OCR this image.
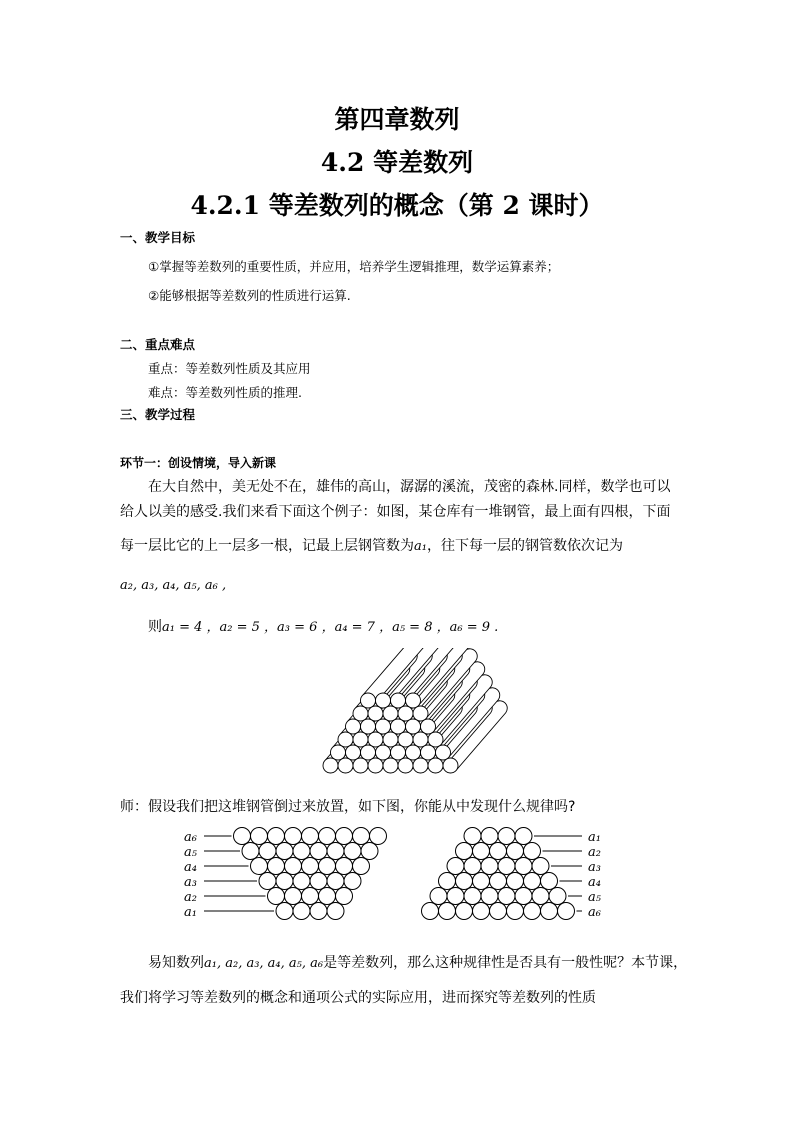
第四章数列
4.2 等差数列
4.2.1 等差数列的概念（第 2 课时）
一、教学目标
①掌握等差数列的重要性质，并应用，培养学生逻辑推理，数学运算素养；
②能够根据等差数列的性质进行运算.
二、重点难点
重点：等差数列性质及其应用
难点：等差数列性质的推理.
三、教学过程
环节一：创设情境，导入新课
在大自然中，美无处不在，雄伟的高山，潺潺的溪流，茂密的森林.同样，数学也可以
给人以美的感受.我们来看下面这个例子：如图，某仓库有一堆钢管，最上面有四根，下面
每一层比它的上一层多一根，记最上层钢管数为a₁，往下每一层的钢管数依次记为
a₂, a₃, a₄, a₅, a₆ ,
则a₁ = 4 ，a₂ = 5 ，a₃ = 6 ，a₄ = 7 ，a₅ = 8 ，a₆ = 9 .
师：假设我们把这堆钢管倒过来放置，如下图，你能从中发现什么规律吗?
a₆
a₅
a₄
a₃
a₂
a₁
a₁
a₂
a₃
a₄
a₅
a₆
易知数列a₁, a₂, a₃, a₄, a₅, a₆是等差数列，那么这种规律性是否具有一般性呢？本节课，
我们将学习等差数列的概念和通项公式的实际应用，进而探究等差数列的性质
